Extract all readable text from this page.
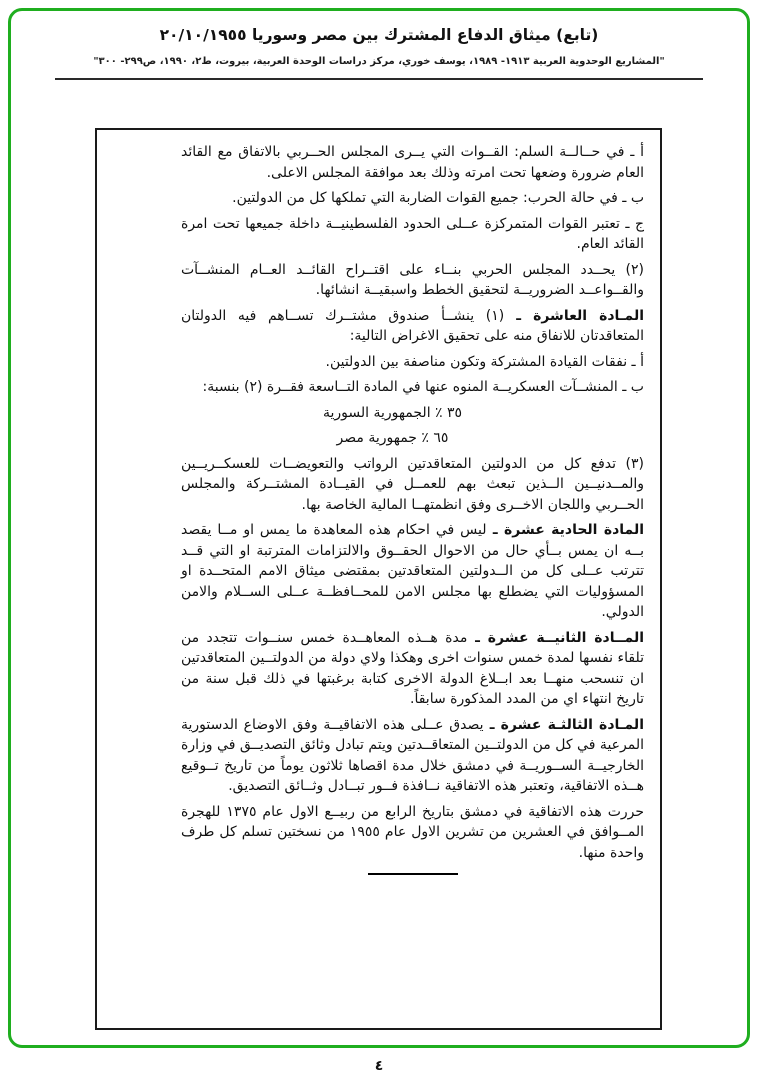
(تابع) ميثاق الدفاع المشترك بين مصر وسوريا ٢٠/١٠/١٩٥٥
"المشاريع الوحدوية العربية ١٩١٣- ١٩٨٩، يوسف خوري، مركز دراسات الوحدة العربية، بيروت، ط٢، ١٩٩٠، ص٢٩٩- ٣٠٠"

أ ـ في حــالــة السلم: القــوات التي يــرى المجلس الحــربي بالاتفاق مع القائد العام ضرورة وضعها تحت امرته وذلك بعد موافقة المجلس الاعلى.

ب ـ في حالة الحرب: جميع القوات الضاربة التي تملكها كل من الدولتين.

ج ـ تعتبر القوات المتمركزة عــلى الحدود الفلسطينيــة داخلة جميعها تحت امرة القائد العام.

(٢) يحــدد المجلس الحربي بنــاء على اقتــراح القائــد العــام المنشــآت والقــواعــد الضروريــة لتحقيق الخطط واسبقيــة انشائها.

المـادة العاشرة ـ (١) ينشــأ صندوق مشتــرك تســاهم فيه الدولتان المتعاقدتان للانفاق منه على تحقيق الاغراض التالية:

أ ـ نفقات القيادة المشتركة وتكون مناصفة بين الدولتين.

ب ـ المنشــآت العسكريــة المنوه عنها في المادة التــاسعة فقــرة (٢) بنسبة:

٣٥ ٪ الجمهورية السورية

٦٥ ٪ جمهورية مصر

(٣) تدفع كل من الدولتين المتعاقدتين الرواتب والتعويضــات للعسكــريــين والمــدنيــين الــذين تبعث بهم للعمــل في القيــادة المشتــركة والمجلس الحــربي واللجان الاخــرى وفق انظمتهــا المالية الخاصة بها.

المادة الحادية عشرة ـ ليس في احكام هذه المعاهدة ما يمس او مــا يقصد بــه ان يمس بــأي حال من الاحوال الحقــوق والالتزامات المترتبة او التي قــد تترتب عــلى كل من الــدولتين المتعاقدتين بمقتضى ميثاق الامم المتحــدة او المسؤوليات التي يضطلع بها مجلس الامن للمحــافظــة عــلى الســلام والامن الدولي.

المــادة الثانيــة عشرة ـ مدة هــذه المعاهــدة خمس سنــوات تتجدد من تلقاء نفسها لمدة خمس سنوات اخرى وهكذا ولاي دولة من الدولتــين المتعاقدتين ان تنسحب منهــا بعد ابــلاغ الدولة الاخرى كتابة برغبتها في ذلك قبل سنة من تاريخ انتهاء اي من المدد المذكورة سابقاً.

المـادة الثالثـة عشرة ـ يصدق عــلى هذه الاتفاقيــة وفق الاوضاع الدستورية المرعية في كل من الدولتــين المتعاقــدتين ويتم تبادل وثائق التصديــق في وزارة الخارجيــة الســوريــة في دمشق خلال مدة اقصاها ثلاثون يوماً من تاريخ تــوقيع هــذه الاتفاقية، وتعتبر هذه الاتفاقية نــافذة فــور تبــادل وثــائق التصديق.

حررت هذه الاتفاقية في دمشق بتاريخ الرابع من ربيــع الاول عام ١٣٧٥ للهجرة المــوافق في العشرين من تشرين الاول عام ١٩٥٥ من نسختين تسلم كل طرف واحدة منها.

٤
